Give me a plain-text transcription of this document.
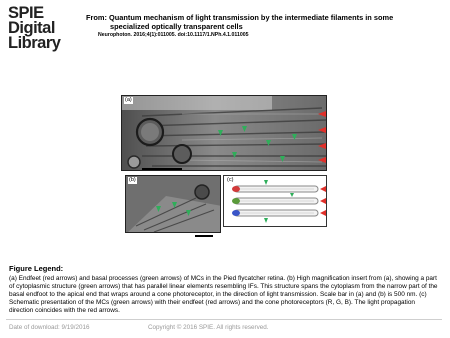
SPIE
Digital
Library
From: Quantum mechanism of light transmission by the intermediate filaments in some
specialized optically transparent cells
Neurophoton. 2016;4(1):011005. doi:10.1117/1.NPh.4.1.011005
(a)
(b)	(c)
Figure Legend:
(a) Endfeet (red arrows) and basal processes (green arrows) of MCs in the Pied flycatcher retina. (b) High magnification insert from (a), showing a part of cytoplasmic structure (green arrows) that has parallel linear elements resembling IFs. This structure spans the cytoplasm from the narrow part of the basal endfoot to the apical end that wraps around a cone photoreceptor, in the direction of light transmission. Scale bar in (a) and (b) is 500 nm. (c) Schematic presentation of the MCs (green arrows) with their endfeet (red arrows) and the cone photoreceptors (R, G, B). The light propagation direction coincides with the red arrows.
Date of download: 9/19/2016	Copyright © 2016 SPIE. All rights reserved.
